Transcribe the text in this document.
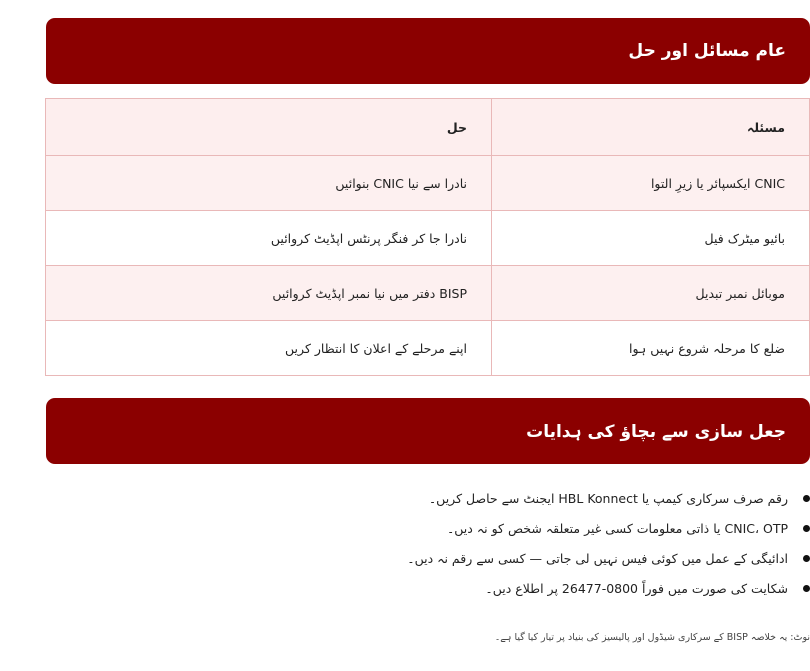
عام مسائل اور حل
مسئلہ	حل
CNIC ایکسپائر یا زیرِ التوا	نادرا سے نیا CNIC بنوائیں
بائیو میٹرک فیل	نادرا جا کر فنگر پرنٹس اپڈیٹ کروائیں
موبائل نمبر تبدیل	BISP دفتر میں نیا نمبر اپڈیٹ کروائیں
ضلع کا مرحلہ شروع نہیں ہوا	اپنے مرحلے کے اعلان کا انتظار کریں
جعل سازی سے بچاؤ کی ہدایات
رقم صرف سرکاری کیمپ یا HBL Konnect ایجنٹ سے حاصل کریں۔
CNIC، OTP یا ذاتی معلومات کسی غیر متعلقہ شخص کو نہ دیں۔
ادائیگی کے عمل میں کوئی فیس نہیں لی جاتی — کسی سے رقم نہ دیں۔
شکایت کی صورت میں فوراً 0800-26477 پر اطلاع دیں۔
نوٹ: یہ خلاصہ BISP کے سرکاری شیڈول اور پالیسیز کی بنیاد پر تیار کیا گیا ہے۔
